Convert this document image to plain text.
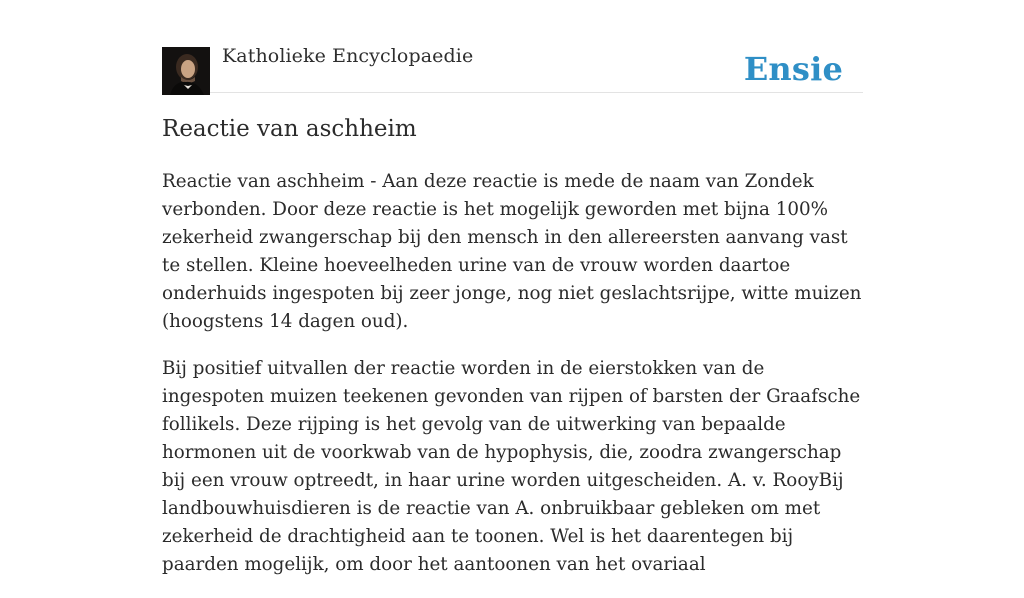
Katholieke Encyclopaedie	Ensie
Reactie van aschheim

Reactie van aschheim - Aan deze reactie is mede de naam van Zondek verbonden. Door deze reactie is het mogelijk geworden met bijna 100% zekerheid zwangerschap bij den mensch in den allereersten aanvang vast te stellen. Kleine hoeveelheden urine van de vrouw worden daartoe onderhuids ingespoten bij zeer jonge, nog niet geslachtsrijpe, witte muizen (hoogstens 14 dagen oud).

Bij positief uitvallen der reactie worden in de eierstokken van de ingespoten muizen teekenen gevonden van rijpen of barsten der Graafsche follikels. Deze rijping is het gevolg van de uitwerking van bepaalde hormonen uit de voorkwab van de hypophysis, die, zoodra zwangerschap bij een vrouw optreedt, in haar urine worden uitgescheiden. A. v. RooyBij landbouwhuisdieren is de reactie van A. onbruikbaar gebleken om met zekerheid de drachtigheid aan te toonen. Wel is het daarentegen bij paarden mogelijk, om door het aantoonen van het ovariaal
